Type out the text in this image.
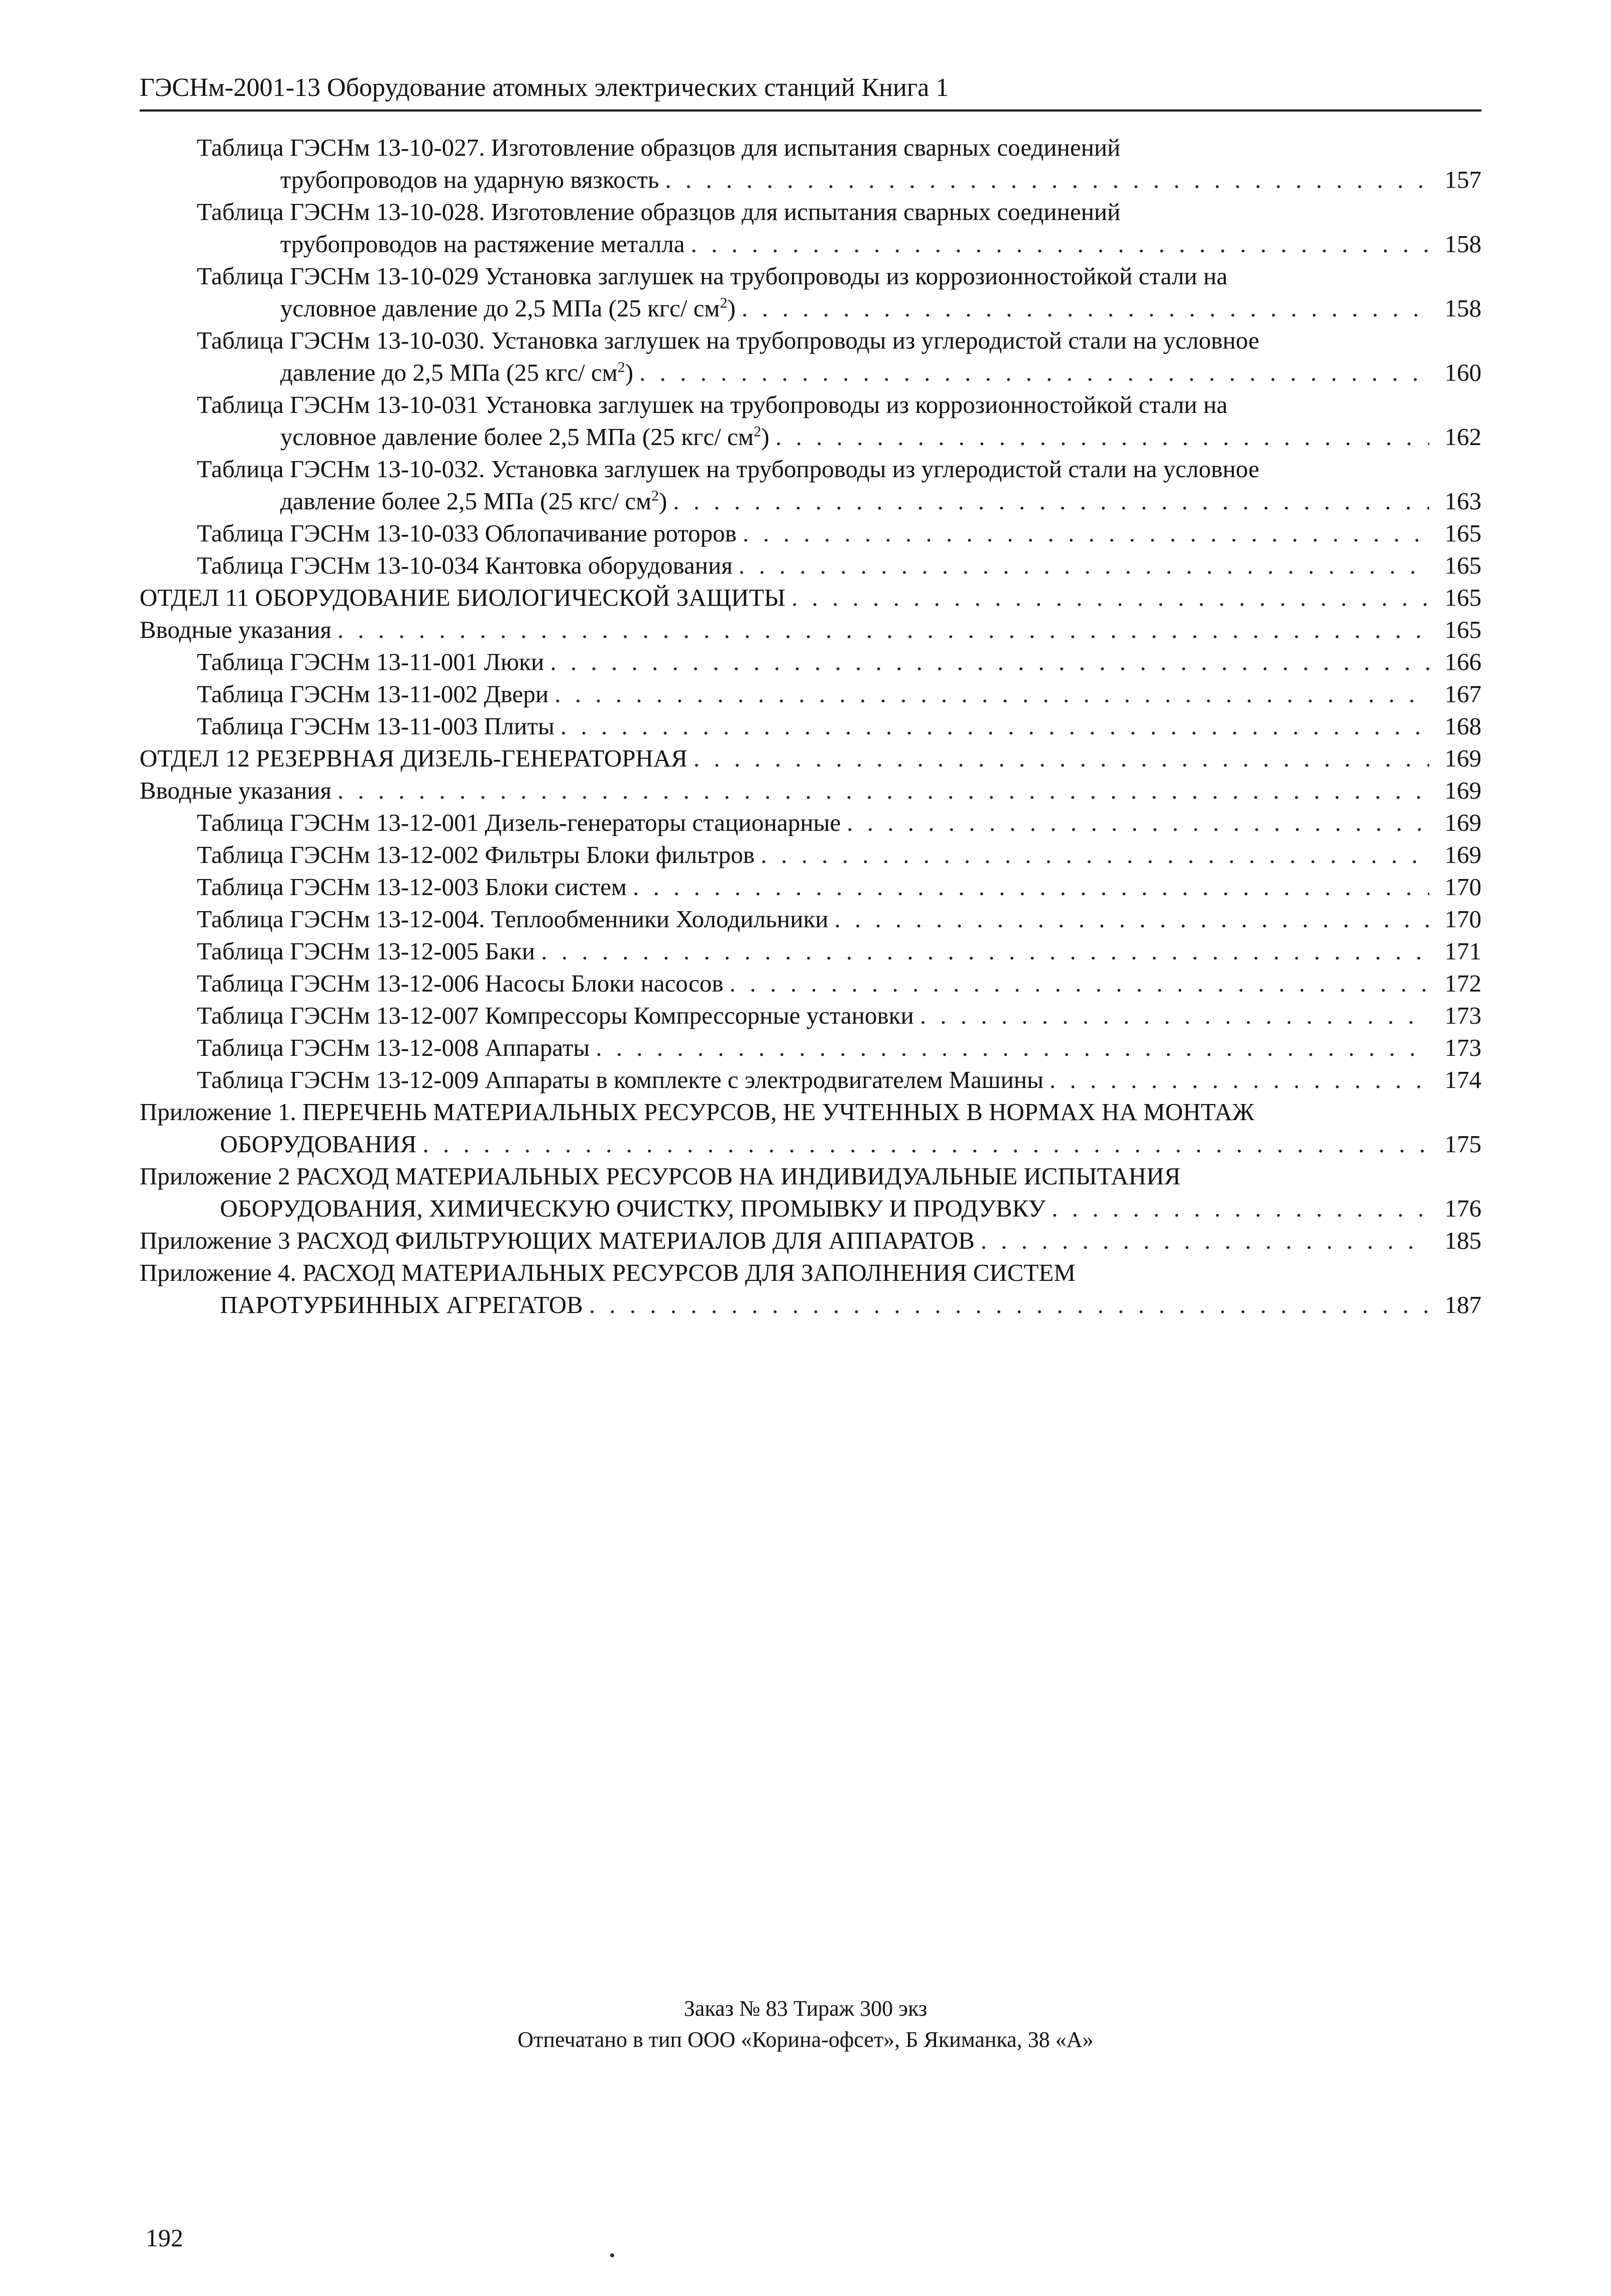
ГЭСНм-2001-13 Оборудование атомных электрических станций Книга 1
Таблица ГЭСНм 13-10-027. Изготовление образцов для испытания сварных соединений
трубопроводов на ударную вязкость . . .	157
Таблица ГЭСНм 13-10-028. Изготовление образцов для испытания сварных соединений
трубопроводов на растяжение металла . . .	158
Таблица ГЭСНм 13-10-029 Установка заглушек на трубопроводы из коррозионностойкой стали на
условное давление до 2,5 МПа (25 кгс/ $см^2$) . . .	158
Таблица ГЭСНм 13-10-030. Установка заглушек на трубопроводы из углеродистой стали на условное
давление до 2,5 МПа (25 кгс/ $см^2$) . . .	160
Таблица ГЭСНм 13-10-031 Установка заглушек на трубопроводы из коррозионностойкой стали на
условное давление более 2,5 МПа (25 кгс/ $см^2$) . . .	162
Таблица ГЭСНм 13-10-032. Установка заглушек на трубопроводы из углеродистой стали на условное
давление более 2,5 МПа (25 кгс/ $см^2$) . . .	163
Таблица ГЭСНм 13-10-033 Облопачивание роторов . . .	165
Таблица ГЭСНм 13-10-034 Кантовка оборудования . . .	165
ОТДЕЛ 11 ОБОРУДОВАНИЕ БИОЛОГИЧЕСКОЙ ЗАЩИТЫ . . .	165
Вводные указания . . .	165
Таблица ГЭСНм 13-11-001 Люки . . .	166
Таблица ГЭСНм 13-11-002 Двери . . .	167
Таблица ГЭСНм 13-11-003 Плиты . . .	168
ОТДЕЛ 12 РЕЗЕРВНАЯ ДИЗЕЛЬ-ГЕНЕРАТОРНАЯ . . .	169
Вводные указания . . .	169
Таблица ГЭСНм 13-12-001 Дизель-генераторы стационарные . . .	169
Таблица ГЭСНм 13-12-002 Фильтры Блоки фильтров . . .	169
Таблица ГЭСНм 13-12-003 Блоки систем . . .	170
Таблица ГЭСНм 13-12-004. Теплообменники Холодильники . . .	170
Таблица ГЭСНм 13-12-005 Баки . . .	171
Таблица ГЭСНм 13-12-006 Насосы Блоки насосов . . .	172
Таблица ГЭСНм 13-12-007 Компрессоры Компрессорные установки . . .	173
Таблица ГЭСНм 13-12-008 Аппараты . . .	173
Таблица ГЭСНм 13-12-009 Аппараты в комплекте с электродвигателем Машины . . .	174
Приложение 1. ПЕРЕЧЕНЬ МАТЕРИАЛЬНЫХ РЕСУРСОВ, НЕ УЧТЕННЫХ В НОРМАХ НА МОНТАЖ
ОБОРУДОВАНИЯ . . .	175
Приложение 2 РАСХОД МАТЕРИАЛЬНЫХ РЕСУРСОВ НА ИНДИВИДУАЛЬНЫЕ ИСПЫТАНИЯ
ОБОРУДОВАНИЯ, ХИМИЧЕСКУЮ ОЧИСТКУ, ПРОМЫВКУ И ПРОДУВКУ . . .	176
Приложение 3 РАСХОД ФИЛЬТРУЮЩИХ МАТЕРИАЛОВ ДЛЯ АППАРАТОВ . . .	185
Приложение 4. РАСХОД МАТЕРИАЛЬНЫХ РЕСУРСОВ ДЛЯ ЗАПОЛНЕНИЯ СИСТЕМ
ПАРОТУРБИННЫХ АГРЕГАТОВ . . .	187
Заказ № 83 Тираж 300 экз
Отпечатано в тип ООО «Корина-офсет», Б Якиманка, 38 «А»
192
